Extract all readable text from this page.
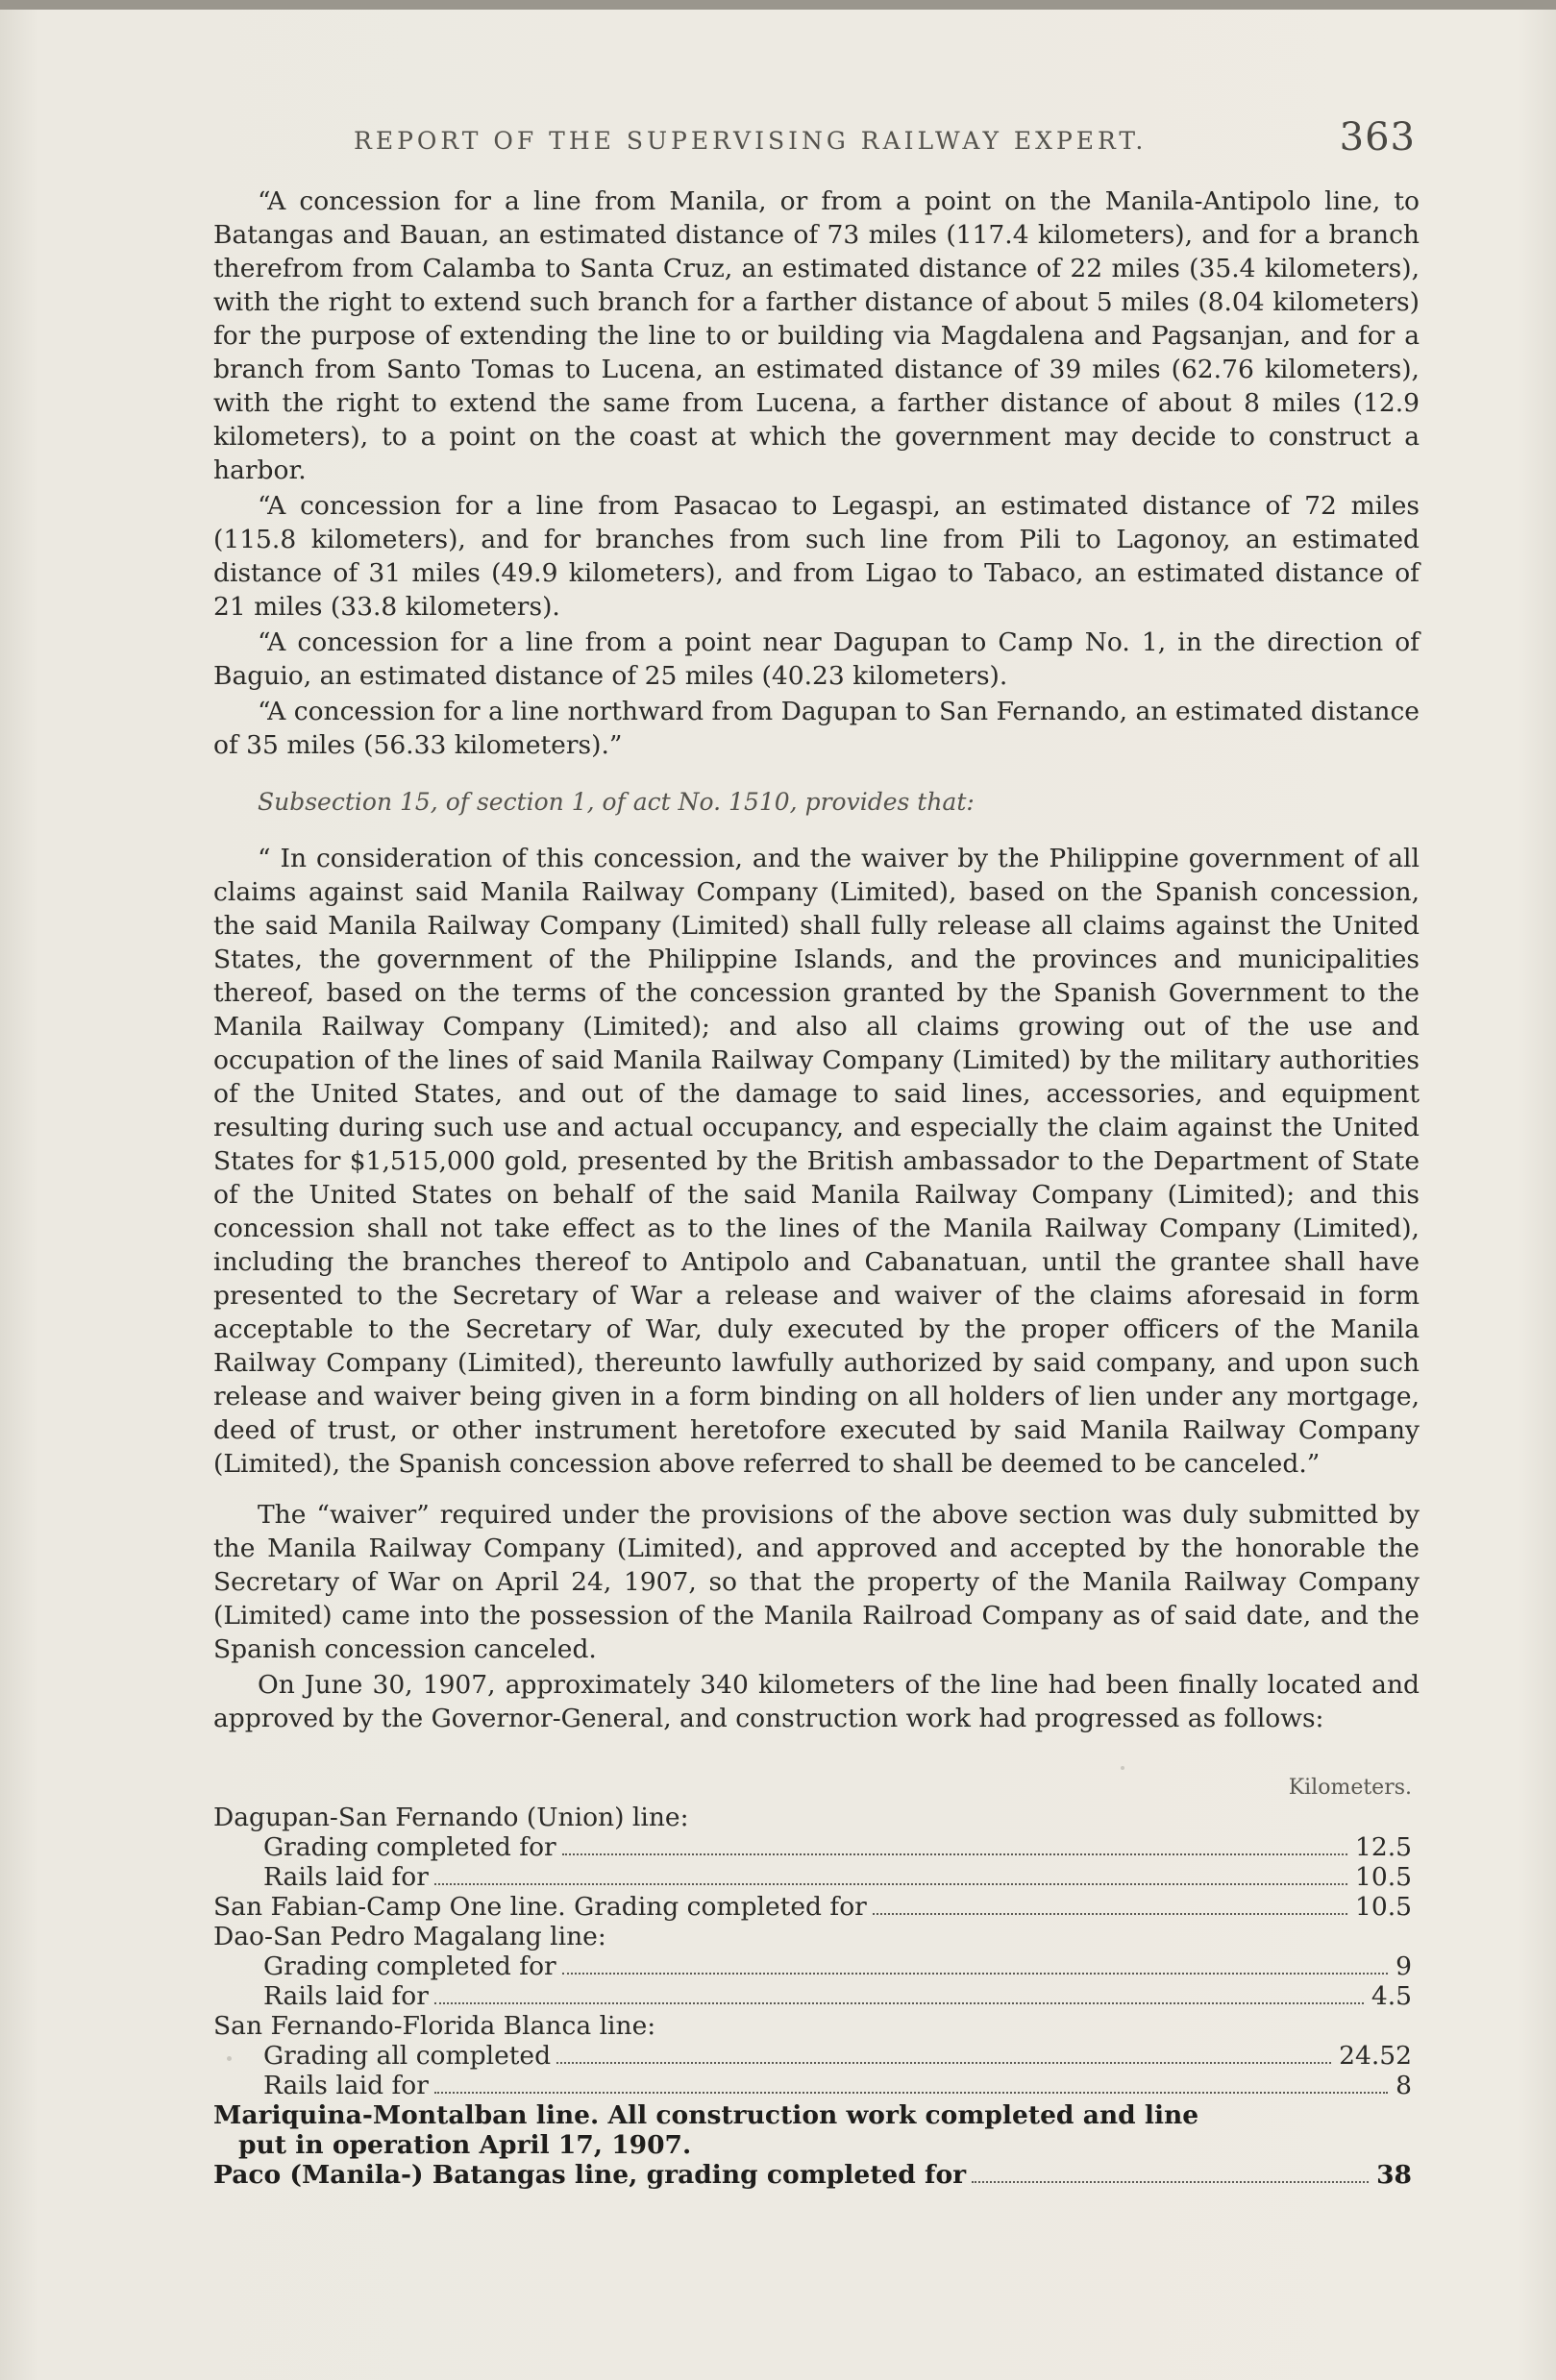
REPORT OF THE SUPERVISING RAILWAY EXPERT.	363

“A concession for a line from Manila, or from a point on the Manila-Antipolo line, to Batangas and Bauan, an estimated distance of 73 miles (117.4 kilometers), and for a branch therefrom from Calamba to Santa Cruz, an estimated distance of 22 miles (35.4 kilometers), with the right to extend such branch for a farther distance of about 5 miles (8.04 kilometers) for the purpose of extending the line to or building via Magdalena and Pagsanjan, and for a branch from Santo Tomas to Lucena, an estimated distance of 39 miles (62.76 kilometers), with the right to extend the same from Lucena, a farther distance of about 8 miles (12.9 kilometers), to a point on the coast at which the government may decide to construct a harbor.

“A concession for a line from Pasacao to Legaspi, an estimated distance of 72 miles (115.8 kilometers), and for branches from such line from Pili to Lagonoy, an estimated distance of 31 miles (49.9 kilometers), and from Ligao to Tabaco, an estimated distance of 21 miles (33.8 kilometers).

“A concession for a line from a point near Dagupan to Camp No. 1, in the direction of Baguio, an estimated distance of 25 miles (40.23 kilometers).

“A concession for a line northward from Dagupan to San Fernando, an estimated distance of 35 miles (56.33 kilometers).”

Subsection 15, of section 1, of act No. 1510, provides that:

“ In consideration of this concession, and the waiver by the Philippine government of all claims against said Manila Railway Company (Limited), based on the Spanish concession, the said Manila Railway Company (Limited) shall fully release all claims against the United States, the government of the Philippine Islands, and the provinces and municipalities thereof, based on the terms of the concession granted by the Spanish Government to the Manila Railway Company (Limited); and also all claims growing out of the use and occupation of the lines of said Manila Railway Company (Limited) by the military authorities of the United States, and out of the damage to said lines, accessories, and equipment resulting during such use and actual occupancy, and especially the claim against the United States for $1,515,000 gold, presented by the British ambassador to the Department of State of the United States on behalf of the said Manila Railway Company (Limited); and this concession shall not take effect as to the lines of the Manila Railway Company (Limited), including the branches thereof to Antipolo and Cabanatuan, until the grantee shall have presented to the Secretary of War a release and waiver of the claims aforesaid in form acceptable to the Secretary of War, duly executed by the proper officers of the Manila Railway Company (Limited), thereunto lawfully authorized by said company, and upon such release and waiver being given in a form binding on all holders of lien under any mortgage, deed of trust, or other instrument heretofore executed by said Manila Railway Company (Limited), the Spanish concession above referred to shall be deemed to be canceled.”

The “waiver” required under the provisions of the above section was duly submitted by the Manila Railway Company (Limited), and approved and accepted by the honorable the Secretary of War on April 24, 1907, so that the property of the Manila Railway Company (Limited) came into the possession of the Manila Railroad Company as of said date, and the Spanish concession canceled.

On June 30, 1907, approximately 340 kilometers of the line had been finally located and approved by the Governor-General, and construction work had progressed as follows:

Kilometers.
Dagupan-San Fernando (Union) line:
Grading completed for	12.5
Rails laid for	10.5
San Fabian-Camp One line. Grading completed for	10.5
Dao-San Pedro Magalang line:
Grading completed for	9
Rails laid for	4.5
San Fernando-Florida Blanca line:
Grading all completed	24.52
Rails laid for	8
Mariquina-Montalban line. All construction work completed and line
put in operation April 17, 1907.
Paco (Manila-) Batangas line, grading completed for	38
